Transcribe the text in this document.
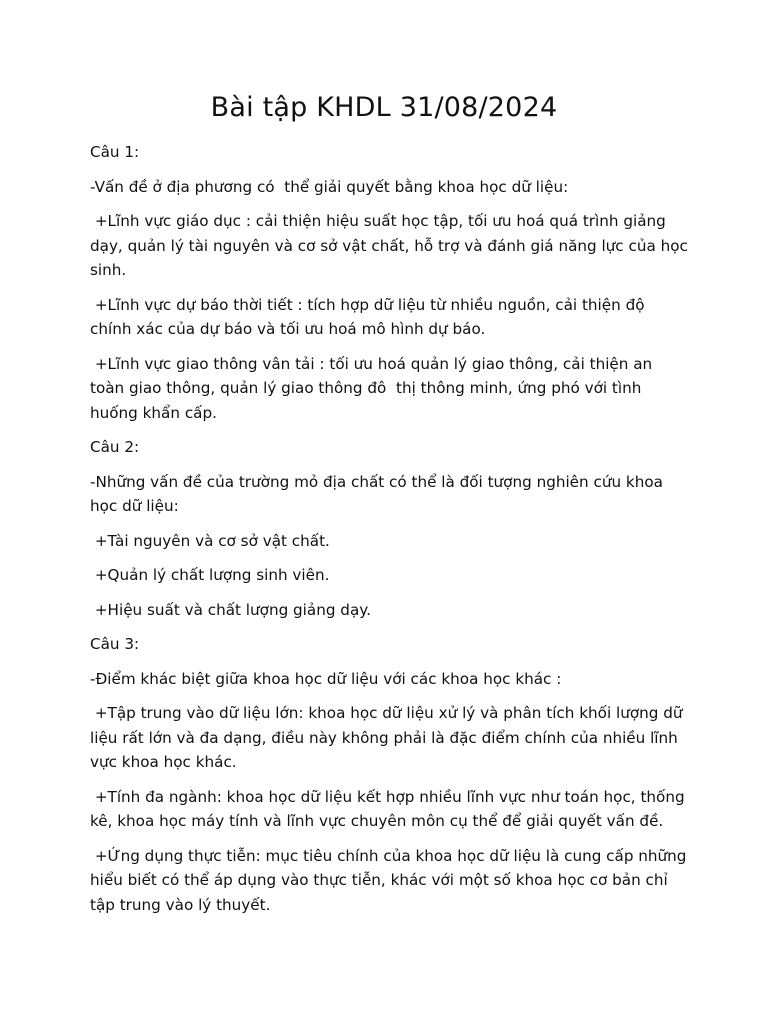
Bài tập KHDL 31/08/2024

Câu 1:

-Vấn đề ở địa phương có  thể giải quyết bằng khoa học dữ liệu:

+Lĩnh vực giáo dục : cải thiện hiệu suất học tập, tối ưu hoá quá trình giảng dạy, quản lý tài nguyên và cơ sở vật chất, hỗ trợ và đánh giá năng lực của học sinh.

+Lĩnh vực dự báo thời tiết : tích hợp dữ liệu từ nhiều nguồn, cải thiện độ chính xác của dự báo và tối ưu hoá mô hình dự báo.

+Lĩnh vực giao thông vân tải : tối ưu hoá quản lý giao thông, cải thiện an toàn giao thông, quản lý giao thông đô  thị thông minh, ứng phó với tình huống khẩn cấp.

Câu 2:

-Những vấn đề của trường mỏ địa chất có thể là đối tượng nghiên cứu khoa học dữ liệu:

+Tài nguyên và cơ sở vật chất.

+Quản lý chất lượng sinh viên.

+Hiệu suất và chất lượng giảng dạy.

Câu 3:

-Điểm khác biệt giữa khoa học dữ liệu với các khoa học khác :

+Tập trung vào dữ liệu lớn: khoa học dữ liệu xử lý và phân tích khối lượng dữ liệu rất lớn và đa dạng, điều này không phải là đặc điểm chính của nhiều lĩnh vực khoa học khác.

+Tính đa ngành: khoa học dữ liệu kết hợp nhiều lĩnh vực như toán học, thống kê, khoa học máy tính và lĩnh vực chuyên môn cụ thể để giải quyết vấn đề.

+Ứng dụng thực tiễn: mục tiêu chính của khoa học dữ liệu là cung cấp những hiểu biết có thể áp dụng vào thực tiễn, khác với một số khoa học cơ bản chỉ tập trung vào lý thuyết.
